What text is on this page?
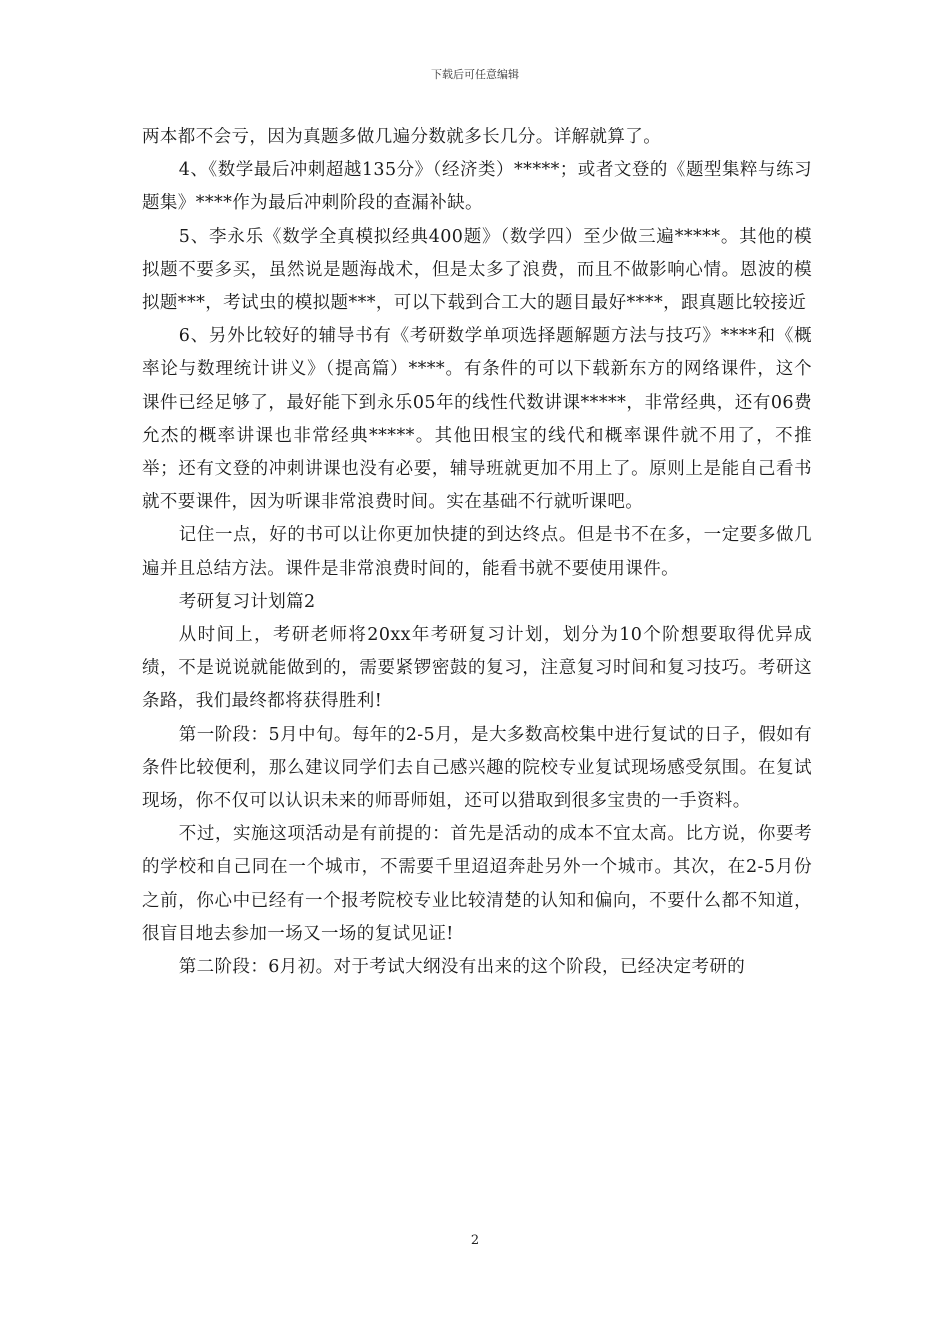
下载后可任意编辑

两本都不会亏，因为真题多做几遍分数就多长几分。详解就算了。

4、《数学最后冲刺超越135分》（经济类）*****；或者文登的《题型集粹与练习题集》****作为最后冲刺阶段的查漏补缺。

5、李永乐《数学全真模拟经典400题》（数学四）至少做三遍*****。其他的模拟题不要多买，虽然说是题海战术，但是太多了浪费，而且不做影响心情。恩波的模拟题***，考试虫的模拟题***，可以下载到合工大的题目最好****，跟真题比较接近

6、另外比较好的辅导书有《考研数学单项选择题解题方法与技巧》****和《概率论与数理统计讲义》（提高篇）****。有条件的可以下载新东方的网络课件，这个课件已经足够了，最好能下到永乐05年的线性代数讲课*****，非常经典，还有06费允杰的概率讲课也非常经典*****。其他田根宝的线代和概率课件就不用了，不推举；还有文登的冲刺讲课也没有必要，辅导班就更加不用上了。原则上是能自己看书就不要课件，因为听课非常浪费时间。实在基础不行就听课吧。

记住一点，好的书可以让你更加快捷的到达终点。但是书不在多，一定要多做几遍并且总结方法。课件是非常浪费时间的，能看书就不要使用课件。

考研复习计划篇2

从时间上，考研老师将20xx年考研复习计划，划分为10个阶想要取得优异成绩，不是说说就能做到的，需要紧锣密鼓的复习，注意复习时间和复习技巧。考研这条路，我们最终都将获得胜利!

第一阶段：5月中旬。每年的2-5月，是大多数高校集中进行复试的日子，假如有条件比较便利，那么建议同学们去自己感兴趣的院校专业复试现场感受氛围。在复试现场，你不仅可以认识未来的师哥师姐，还可以猎取到很多宝贵的一手资料。

不过，实施这项活动是有前提的：首先是活动的成本不宜太高。比方说，你要考的学校和自己同在一个城市，不需要千里迢迢奔赴另外一个城市。其次，在2-5月份之前，你心中已经有一个报考院校专业比较清楚的认知和偏向，不要什么都不知道，很盲目地去参加一场又一场的复试见证!

第二阶段：6月初。对于考试大纲没有出来的这个阶段，已经决定考研的

2
